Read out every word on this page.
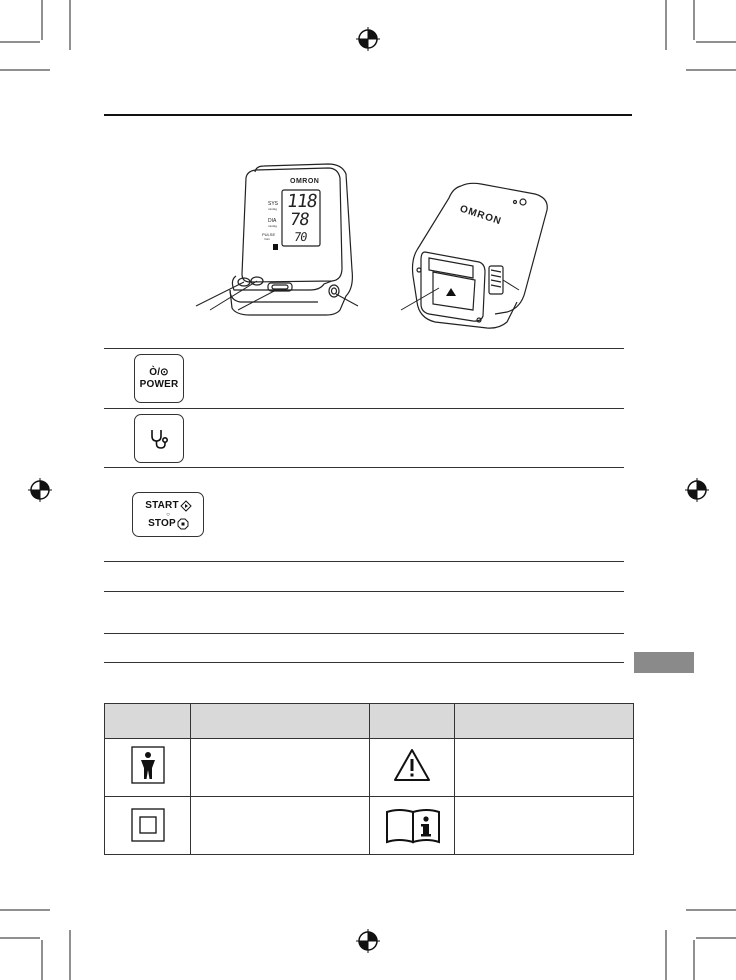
OMRON
SYS
mmHg
DIA
mmHg
PULSE
/min
118
78
70
OMRON
Ò/⊙
POWER
START
○
STOP
